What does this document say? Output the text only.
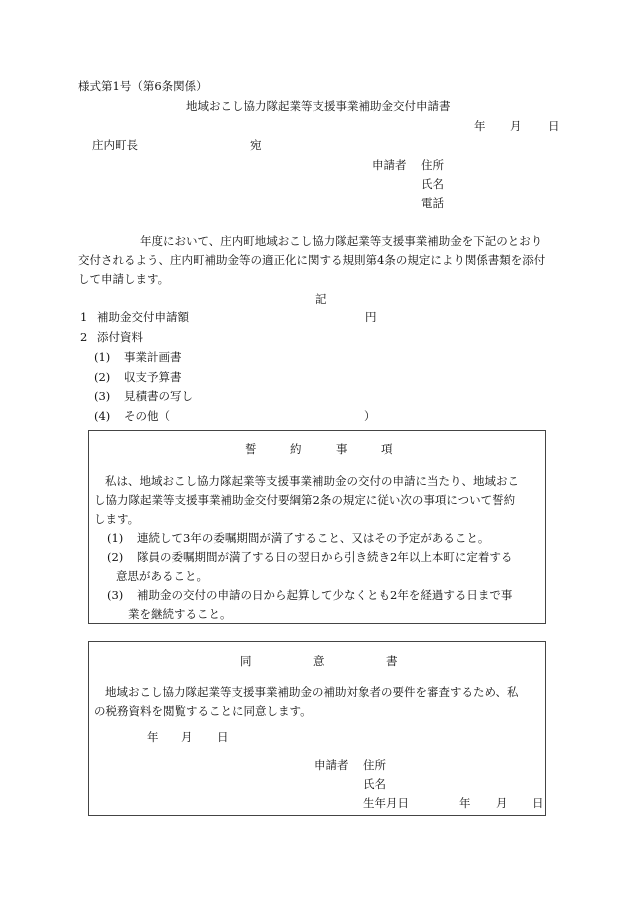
様式第1号（第6条関係）
地域おこし協力隊起業等支援事業補助金交付申請書
年 月 日
庄内町長	宛
申請者 住所
氏名
電話
年度において、庄内町地域おこし協力隊起業等支援事業補助金を下記のとおり
交付されるよう、庄内町補助金等の適正化に関する規則第4条の規定により関係書類を添付
して申請します。
記
1 補助金交付申請額	円
2 添付資料
(1) 事業計画書
(2) 収支予算書
(3) 見積書の写し
(4) その他（	）
誓	約	事	項
私は、地域おこし協力隊起業等支援事業補助金の交付の申請に当たり、地域おこ
し協力隊起業等支援事業補助金交付要綱第2条の規定に従い次の事項について誓約
します。
(1) 連続して3年の委嘱期間が満了すること、又はその予定があること。
(2) 隊員の委嘱期間が満了する日の翌日から引き続き2年以上本町に定着する
意思があること。
(3) 補助金の交付の申請の日から起算して少なくとも2年を経過する日まで事
業を継続すること。
同	意	書
地域おこし協力隊起業等支援事業補助金の補助対象者の要件を審査するため、私
の税務資料を閲覧することに同意します。
年 月 日
申請者 住所
氏名
生年月日	年 月 日
